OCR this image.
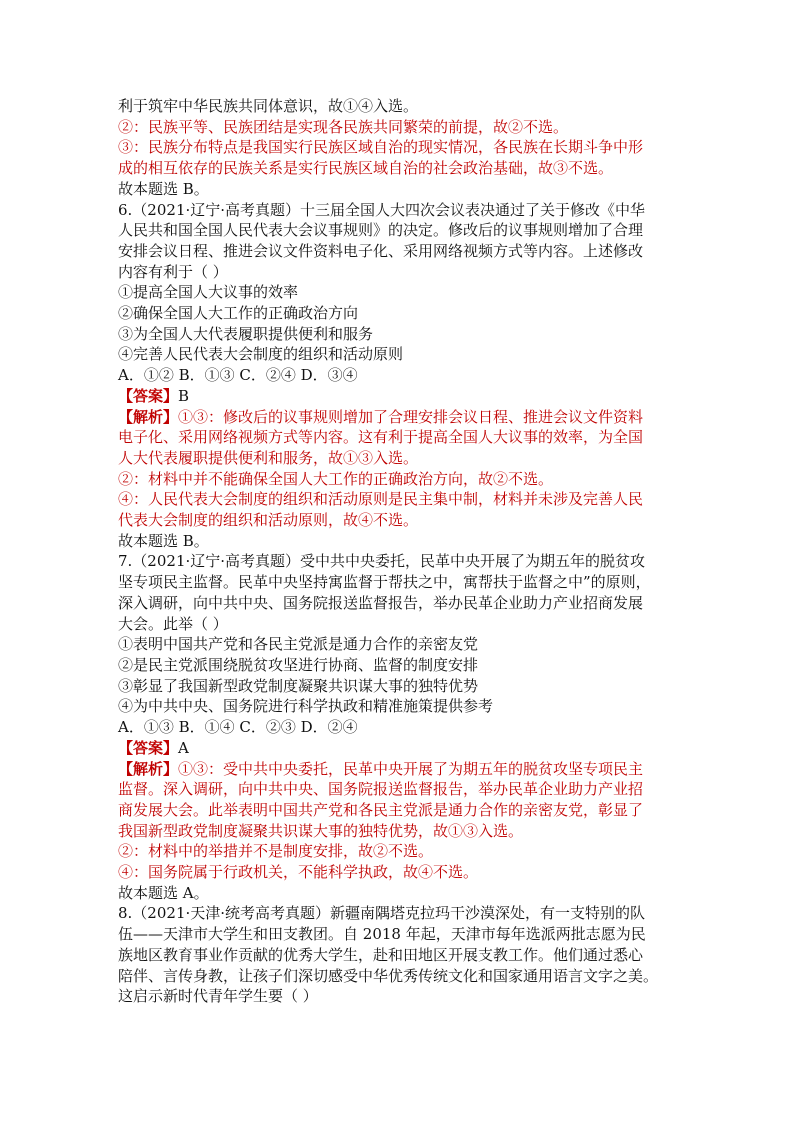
利于筑牢中华民族共同体意识，故①④入选。
②：民族平等、民族团结是实现各民族共同繁荣的前提，故②不选。
③：民族分布特点是我国实行民族区域自治的现实情况，各民族在长期斗争中形
成的相互依存的民族关系是实行民族区域自治的社会政治基础，故③不选。
故本题选 B。
6.（2021·辽宁·高考真题）十三届全国人大四次会议表决通过了关于修改《中华
人民共和国全国人民代表大会议事规则》的决定。修改后的议事规则增加了合理
安排会议日程、推进会议文件资料电子化、采用网络视频方式等内容。上述修改
内容有利于（ ）
①提高全国人大议事的效率
②确保全国人大工作的正确政治方向
③为全国人大代表履职提供便利和服务
④完善人民代表大会制度的组织和活动原则
A．①② B．①③ C．②④ D．③④
【答案】B
【解析】①③：修改后的议事规则增加了合理安排会议日程、推进会议文件资料
电子化、采用网络视频方式等内容。这有利于提高全国人大议事的效率，为全国
人大代表履职提供便利和服务，故①③入选。
②：材料中并不能确保全国人大工作的正确政治方向，故②不选。
④：人民代表大会制度的组织和活动原则是民主集中制，材料并未涉及完善人民
代表大会制度的组织和活动原则，故④不选。
故本题选 B。
7.（2021·辽宁·高考真题）受中共中央委托，民革中央开展了为期五年的脱贫攻
坚专项民主监督。民革中央坚持寓监督于帮扶之中，寓帮扶于监督之中”的原则，
深入调研，向中共中央、国务院报送监督报告，举办民革企业助力产业招商发展
大会。此举（ ）
①表明中国共产党和各民主党派是通力合作的亲密友党
②是民主党派围绕脱贫攻坚进行协商、监督的制度安排
③彰显了我国新型政党制度凝聚共识谋大事的独特优势
④为中共中央、国务院进行科学执政和精准施策提供参考
A．①③ B．①④ C．②③ D．②④
【答案】A
【解析】①③：受中共中央委托，民革中央开展了为期五年的脱贫攻坚专项民主
监督。深入调研，向中共中央、国务院报送监督报告，举办民革企业助力产业招
商发展大会。此举表明中国共产党和各民主党派是通力合作的亲密友党，彰显了
我国新型政党制度凝聚共识谋大事的独特优势，故①③入选。
②：材料中的举措并不是制度安排，故②不选。
④：国务院属于行政机关，不能科学执政，故④不选。
故本题选 A。
8.（2021·天津·统考高考真题）新疆南隅塔克拉玛干沙漠深处，有一支特别的队
伍——天津市大学生和田支教团。自 2018 年起，天津市每年选派两批志愿为民
族地区教育事业作贡献的优秀大学生，赴和田地区开展支教工作。他们通过悉心
陪伴、言传身教，让孩子们深切感受中华优秀传统文化和国家通用语言文字之美。
这启示新时代青年学生要（ ）
